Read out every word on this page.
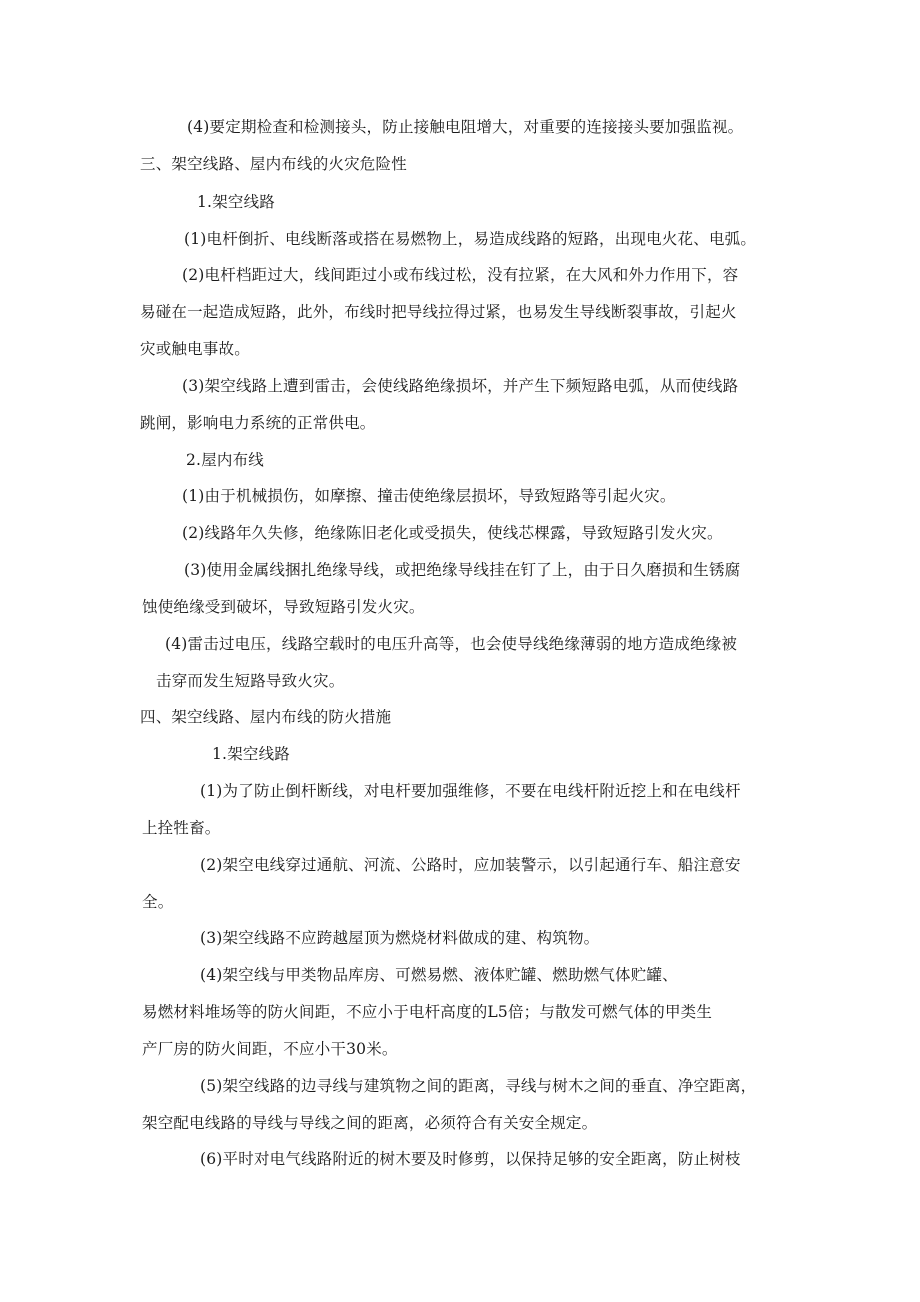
(4)要定期检查和检测接头，防止接触电阻增大，对重要的连接接头要加强监视。
三、架空线路、屋内布线的火灾危险性
1.架空线路
(1)电杆倒折、电线断落或搭在易燃物上，易造成线路的短路，出现电火花、电弧。
(2)电杆档距过大，线间距过小或布线过松，没有拉紧，在大风和外力作用下，容
易碰在一起造成短路，此外，布线时把导线拉得过紧，也易发生导线断裂事故，引起火
灾或触电事故。
(3)架空线路上遭到雷击，会使线路绝缘损坏，并产生下频短路电弧，从而使线路
跳闸，影响电力系统的正常供电。
2.屋内布线
(1)由于机械损伤，如摩擦、撞击使绝缘层损坏，导致短路等引起火灾。
(2)线路年久失修，绝缘陈旧老化或受损失，使线芯棵露，导致短路引发火灾。
(3)使用金属线捆扎绝缘导线，或把绝缘导线挂在钉了上，由于日久磨损和生锈腐
蚀使绝缘受到破坏，导致短路引发火灾。
(4)雷击过电压，线路空载时的电压升高等，也会使导线绝缘薄弱的地方造成绝缘被
击穿而发生短路导致火灾。
四、架空线路、屋内布线的防火措施
1.架空线路
(1)为了防止倒杆断线，对电杆要加强维修，不要在电线杆附近挖上和在电线杆
上拴牲畜。
(2)架空电线穿过通航、河流、公路时，应加装警示，以引起通行车、船注意安
全。
(3)架空线路不应跨越屋顶为燃烧材料做成的建、构筑物。
(4)架空线与甲类物品库房、可燃易燃、液体贮罐、燃助燃气体贮罐、
易燃材料堆场等的防火间距，不应小于电杆高度的L5倍；与散发可燃气体的甲类生
产厂房的防火间距，不应小干30米。
(5)架空线路的边寻线与建筑物之间的距离，寻线与树木之间的垂直、净空距离，
架空配电线路的导线与导线之间的距离，必须符合有关安全规定。
(6)平时对电气线路附近的树木要及时修剪，以保持足够的安全距离，防止树枝
